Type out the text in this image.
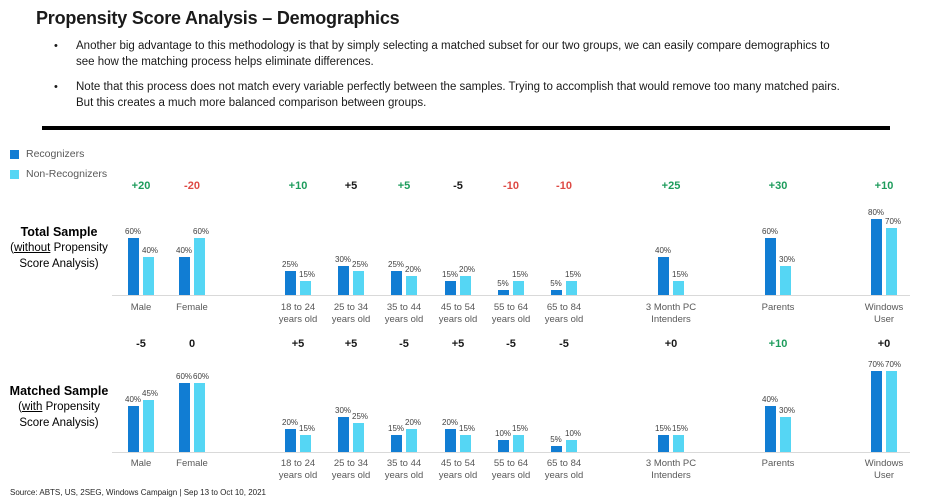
Propensity Score Analysis – Demographics
•	Another big advantage to this methodology is that by simply selecting a matched subset for our two groups, we can easily compare demographics to see how the matching process helps eliminate differences.
•	Note that this process does not match every variable perfectly between the samples. Trying to accomplish that would remove too many matched pairs. But this creates a much more balanced comparison between groups.
Recognizers
Non-Recognizers
Total Sample
(without Propensity
Score Analysis)
Matched Sample
(with Propensity
Score Analysis)
+20
60%
40%
Male
-20
40%
60%
Female
+10
25%
15%
18 to 24
years old
+5
30%
25%
25 to 34
years old
+5
25%
20%
35 to 44
years old
-5
15%
20%
45 to 54
years old
-10
5%
15%
55 to 64
years old
-10
5%
15%
65 to 84
years old
+25
40%
15%
3 Month PC
Intenders
+30
60%
30%
Parents
+10
80%
70%
Windows
User
-5
40%
45%
Male
0
60% 60%
Female
+5
20%
15%
18 to 24
years old
+5
30%
25%
25 to 34
years old
-5
15%
20%
35 to 44
years old
+5
20%
15%
45 to 54
years old
-5
10%
15%
55 to 64
years old
-5
5%
10%
65 to 84
years old
+0
15% 15%
3 Month PC
Intenders
+10
40%
30%
Parents
+0
70% 70%
Windows
User
Source: ABTS, US, 2SEG, Windows Campaign | Sep 13 to Oct 10, 2021
